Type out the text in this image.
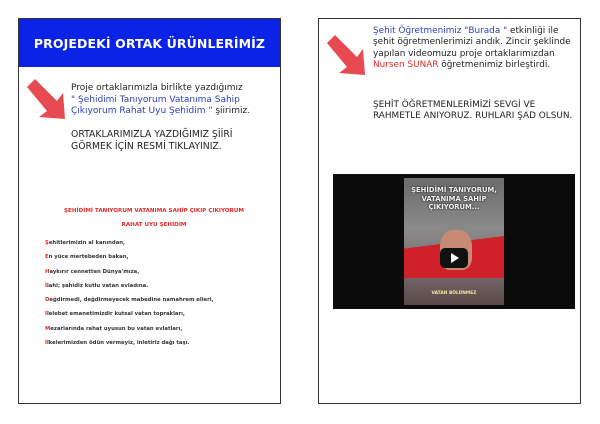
PROJEDEKİ ORTAK ÜRÜNLERİMİZ
Proje ortaklarımızla birlikte yazdığımız
" Şehidimi Tanıyorum Vatanıma Sahip Çıkıyorum Rahat Uyu Şehidim " şiirimiz.
ORTAKLARIMIZLA YAZDIĞIMIZ ŞİİRİ GÖRMEK İÇİN RESMİ TIKLAYINIZ.
ŞEHİDİMİ TANIYORUM VATANIMA SAHİP ÇIKIP ÇIKIYORUM
RAHAT UYU ŞEHİDİM
Şehitlerimizin al kanından,
En yüce mertebeden bakan,
Haykırır cennetten Dünya'mıza,
İlahi; şahidiz kutlu vatan evladına.
Değdirmedi, değdirmeyecek mabedine namahrem elleri,
İlelebet emanetimizdir kutsal vatan toprakları,
Mezarlarında rahat uyusun bu vatan evlatları,
İlkelerimizden ödün vermeyiz, inletiriz dağı taşı.
Şehit Öğretmenimiz "Burada " etkinliği ile şehit öğretmenlerimizi andık. Zincir şeklinde yapılan videomuzu proje ortaklarımızdan Nursen SUNAR öğretmenimiz birleştirdi.
ŞEHİT ÖĞRETMENLERİMİZİ SEVGİ VE RAHMETLE ANIYORUZ. RUHLARI ŞAD OLSUN.
ŞEHİDİMİ TANIYORUM, VATANIMA SAHİP ÇIKIYORUM...
VATAN BÖLÜNMEZ
